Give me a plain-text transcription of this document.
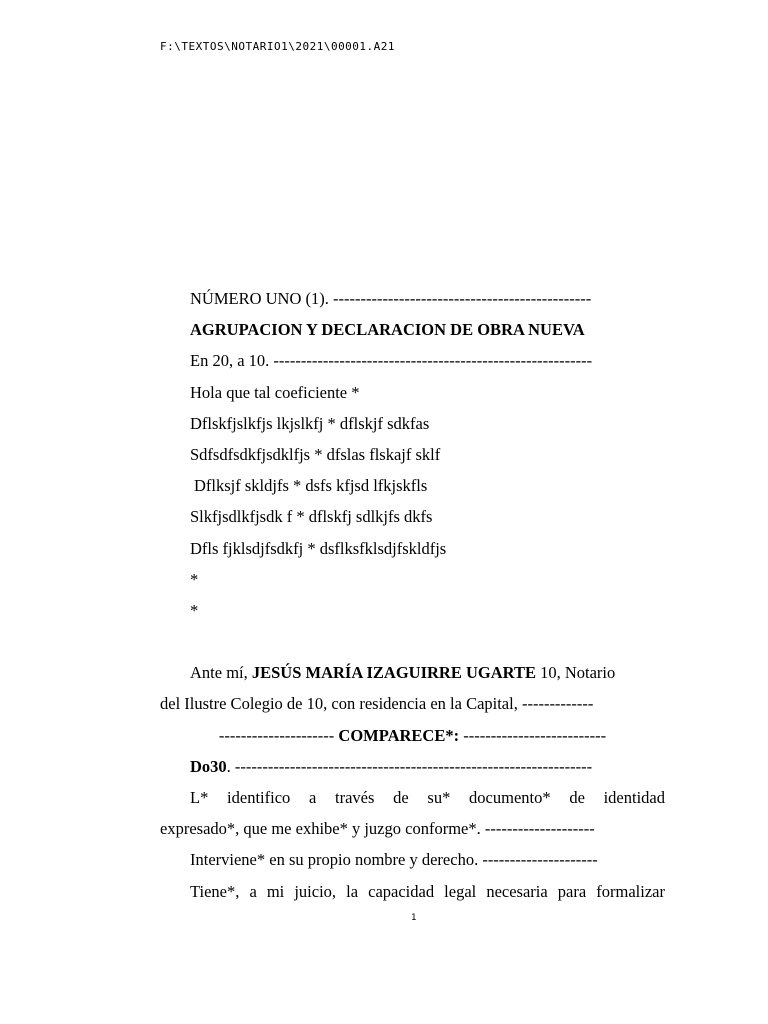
F:\TEXTOS\NOTARIO1\2021\00001.A21
NÚMERO UNO (1). -----------------------------------------------
AGRUPACION Y DECLARACION DE OBRA NUEVA
En 20, a 10. ----------------------------------------------------------
Hola que tal coeficiente *
Dflskfjslkfjs lkjslkfj * dflskjf sdkfas
Sdfsdfsdkfjsdklfjs * dfslas flskajf sklf
Dflksjf skldjfs * dsfs kfjsd lfkjskfls
Slkfjsdlkfjsdk f * dflskfj sdlkjfs dkfs
Dfls fjklsdjfsdkfj * dsflksfklsdjfskldfjs
*
*
Ante mí, JESÚS MARÍA IZAGUIRRE UGARTE 10, Notario
del Ilustre Colegio de 10, con residencia en la Capital, -------------
--------------------- COMPARECE*: --------------------------
Do30. -----------------------------------------------------------------
L* identifico a través de su* documento* de identidad
expresado*, que me exhibe* y juzgo conforme*. --------------------
Interviene* en su propio nombre y derecho. ---------------------
Tiene*, a mi juicio, la capacidad legal necesaria para formalizar
1
